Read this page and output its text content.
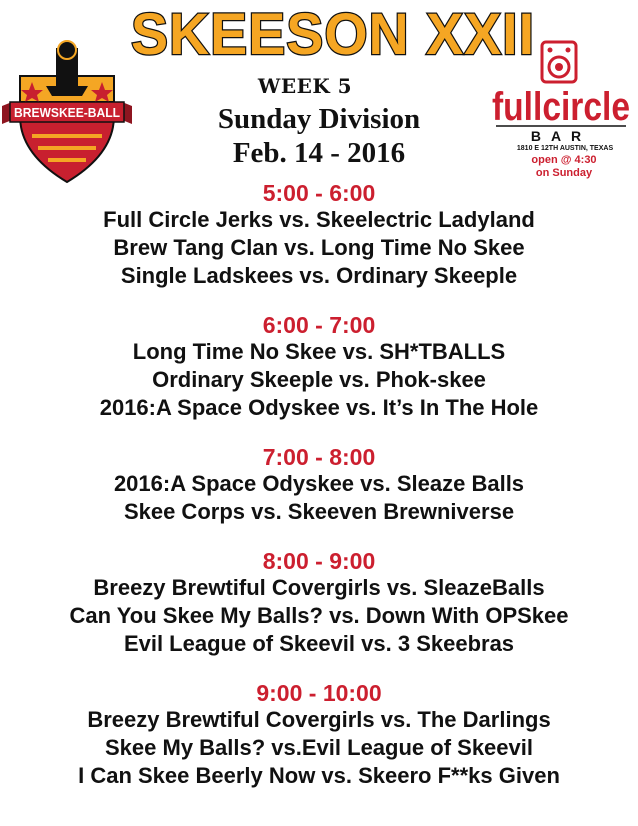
SKEESON XXII
BREWSKEE-BALL
WEEK 5
Sunday Division
Feb. 14 - 2016
fullcircle
BAR
1810 E 12TH AUSTIN, TEXAS
open @ 4:30
on Sunday
5:00 - 6:00
Full Circle Jerks vs. Skeelectric Ladyland
Brew Tang Clan vs. Long Time No Skee
Single Ladskees vs. Ordinary Skeeple
6:00 - 7:00
Long Time No Skee vs. SH*TBALLS
Ordinary Skeeple vs. Phok-skee
2016:A Space Odyskee vs. It’s In The Hole
7:00 - 8:00
2016:A Space Odyskee vs. Sleaze Balls
Skee Corps vs. Skeeven Brewniverse
8:00 - 9:00
Breezy Brewtiful Covergirls vs. SleazeBalls
Can You Skee My Balls? vs. Down With OPSkee
Evil League of Skeevil vs. 3 Skeebras
9:00 - 10:00
Breezy Brewtiful Covergirls vs. The Darlings
Skee My Balls? vs.Evil League of Skeevil
I Can Skee Beerly Now vs. Skeero F**ks Given
